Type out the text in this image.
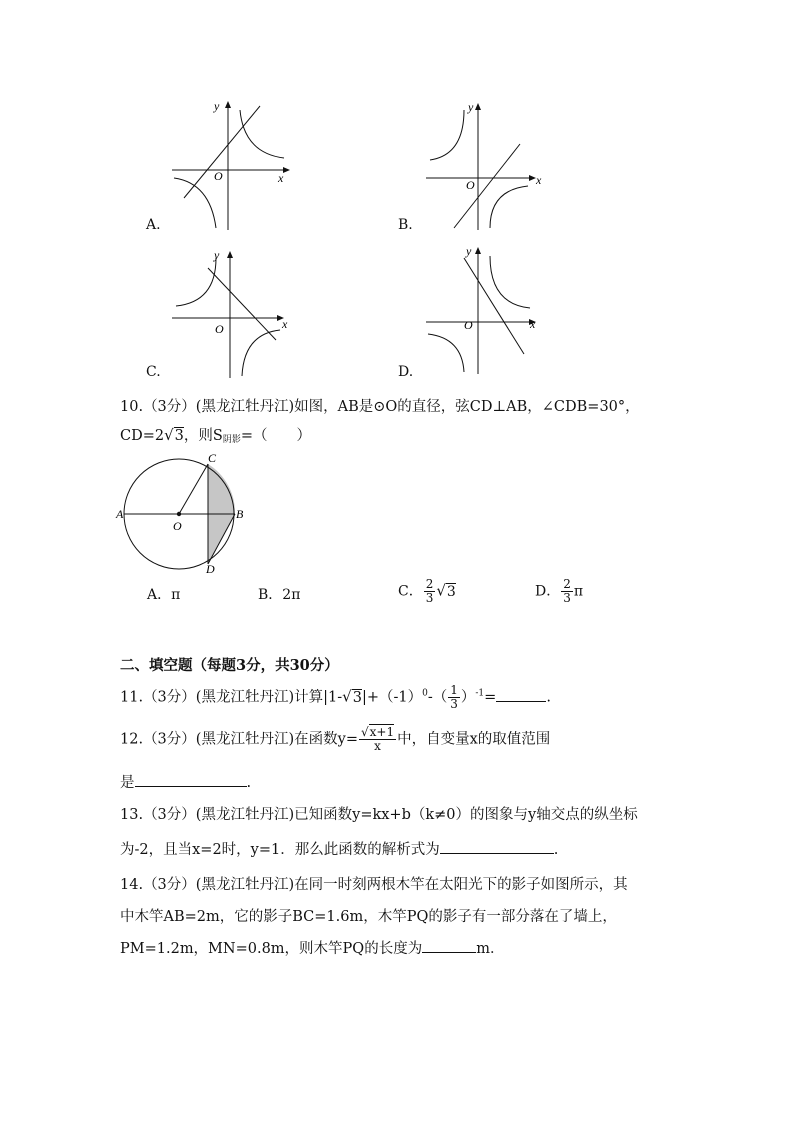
y
x
O
A.
y
x
O
B.
y
x
O
C.
y
x
O
D.
10.（3分）(黑龙江牡丹江)如图，AB是⊙O的直径，弦CD⊥AB，∠CDB=30°，
CD=2√3，则$S_{阴影}=$（　　）
A	B
C
D
O
A．π	B．2π	C． $\frac{2}{3} √3$	D． $\frac{2}{3}$ π
二、填空题（每题3分，共30分）
11.（3分）(黑龙江牡丹江)计算$|1-√3|+(-1)^0-( \frac{1}{3} )^{-1}=$	.
12.（3分）(黑龙江牡丹江)在函数$y= \frac{√x+1}{x}$ 中，自变量x的取值范围
是	.
13.（3分）(黑龙江牡丹江)已知函数y=kx+b（k≠0）的图象与y轴交点的纵坐标
为-2，且当x=2时，y=1．那么此函数的解析式为	.
14.（3分）(黑龙江牡丹江)在同一时刻两根木竿在太阳光下的影子如图所示，其
中木竿AB=2m，它的影子BC=1.6m，木竿PQ的影子有一部分落在了墙上，
PM=1.2m，MN=0.8m，则木竿PQ的长度为	m．
